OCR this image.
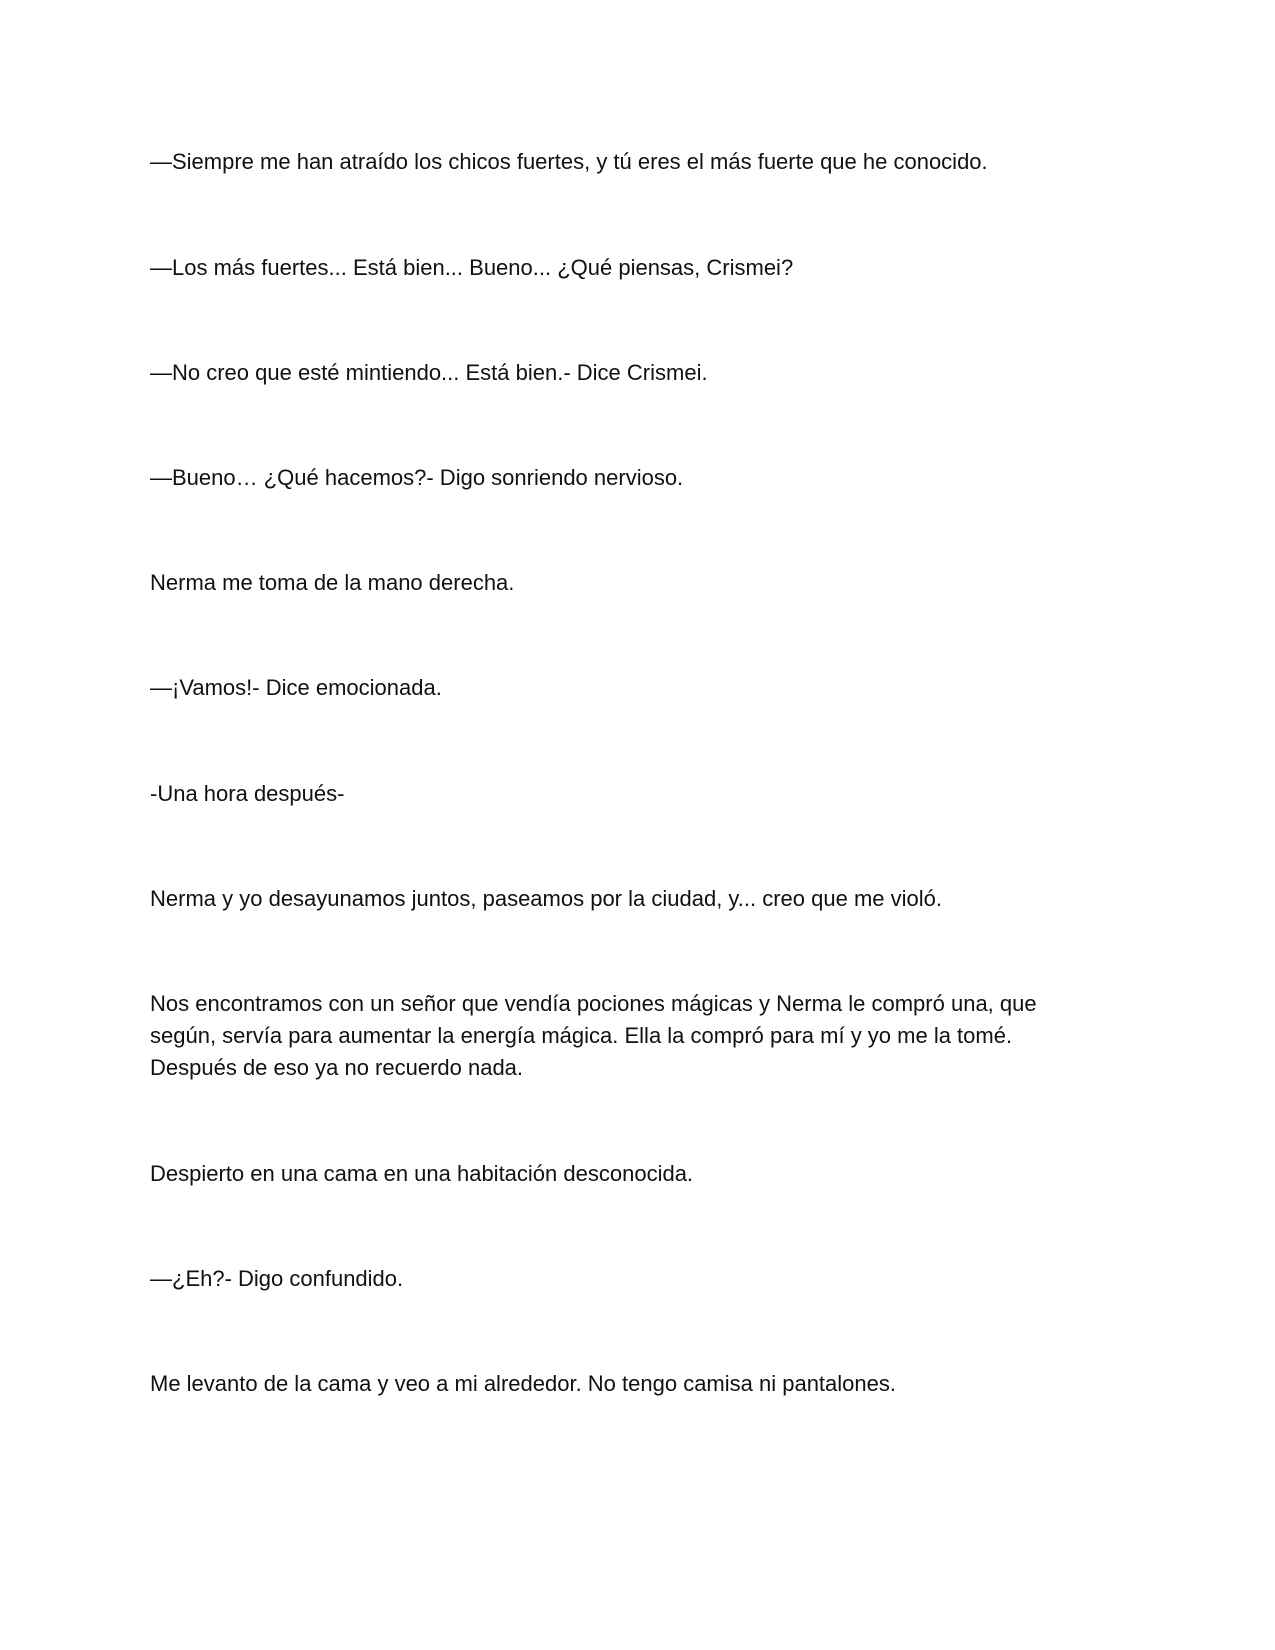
—Siempre me han atraído los chicos fuertes, y tú eres el más fuerte que he conocido.

—Los más fuertes... Está bien... Bueno... ¿Qué piensas, Crismei?

—No creo que esté mintiendo... Está bien.- Dice Crismei.

—Bueno… ¿Qué hacemos?- Digo sonriendo nervioso.

Nerma me toma de la mano derecha.

—¡Vamos!- Dice emocionada.

-Una hora después-

Nerma y yo desayunamos juntos, paseamos por la ciudad, y... creo que me violó.

Nos encontramos con un señor que vendía pociones mágicas y Nerma le compró una, que según, servía para aumentar la energía mágica. Ella la compró para mí y yo me la tomé. Después de eso ya no recuerdo nada.

Despierto en una cama en una habitación desconocida.

—¿Eh?- Digo confundido.

Me levanto de la cama y veo a mi alrededor. No tengo camisa ni pantalones.
